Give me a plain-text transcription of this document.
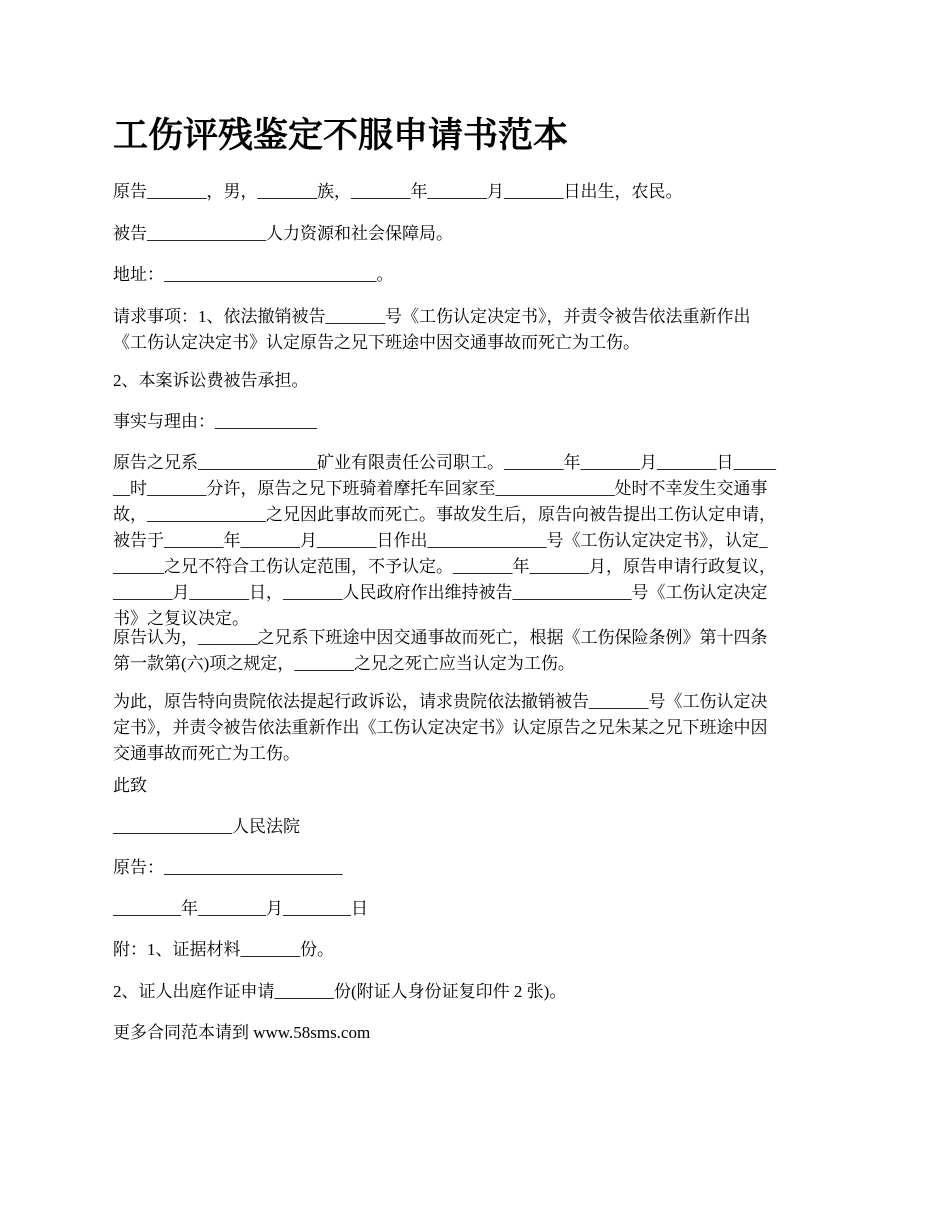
工伤评残鉴定不服申请书范本

原告_______，男，_______族，_______年_______月_______日出生，农民。

被告______________人力资源和社会保障局。

地址：_________________________。

请求事项：1、依法撤销被告_______号《工伤认定决定书》，并责令被告依法重新作出
《工伤认定决定书》认定原告之兄下班途中因交通事故而死亡为工伤。

2、本案诉讼费被告承担。

事实与理由：____________

原告之兄系______________矿业有限责任公司职工。_______年_______月_______日_____
__时_______分许，原告之兄下班骑着摩托车回家至______________处时不幸发生交通事
故，______________之兄因此事故而死亡。事故发生后，原告向被告提出工伤认定申请，
被告于_______年_______月_______日作出______________号《工伤认定决定书》，认定_
______之兄不符合工伤认定范围，不予认定。_______年_______月，原告申请行政复议，
_______月_______日，_______人民政府作出维持被告______________号《工伤认定决定
书》之复议决定。

原告认为，_______之兄系下班途中因交通事故而死亡，根据《工伤保险条例》第十四条
第一款第(六)项之规定，_______之兄之死亡应当认定为工伤。

为此，原告特向贵院依法提起行政诉讼，请求贵院依法撤销被告_______号《工伤认定决
定书》，并责令被告依法重新作出《工伤认定决定书》认定原告之兄朱某之兄下班途中因
交通事故而死亡为工伤。

此致

______________人民法院

原告：_____________________

________年________月________日

附：1、证据材料_______份。

2、证人出庭作证申请_______份(附证人身份证复印件 2 张)。

更多合同范本请到 www.58sms.com
